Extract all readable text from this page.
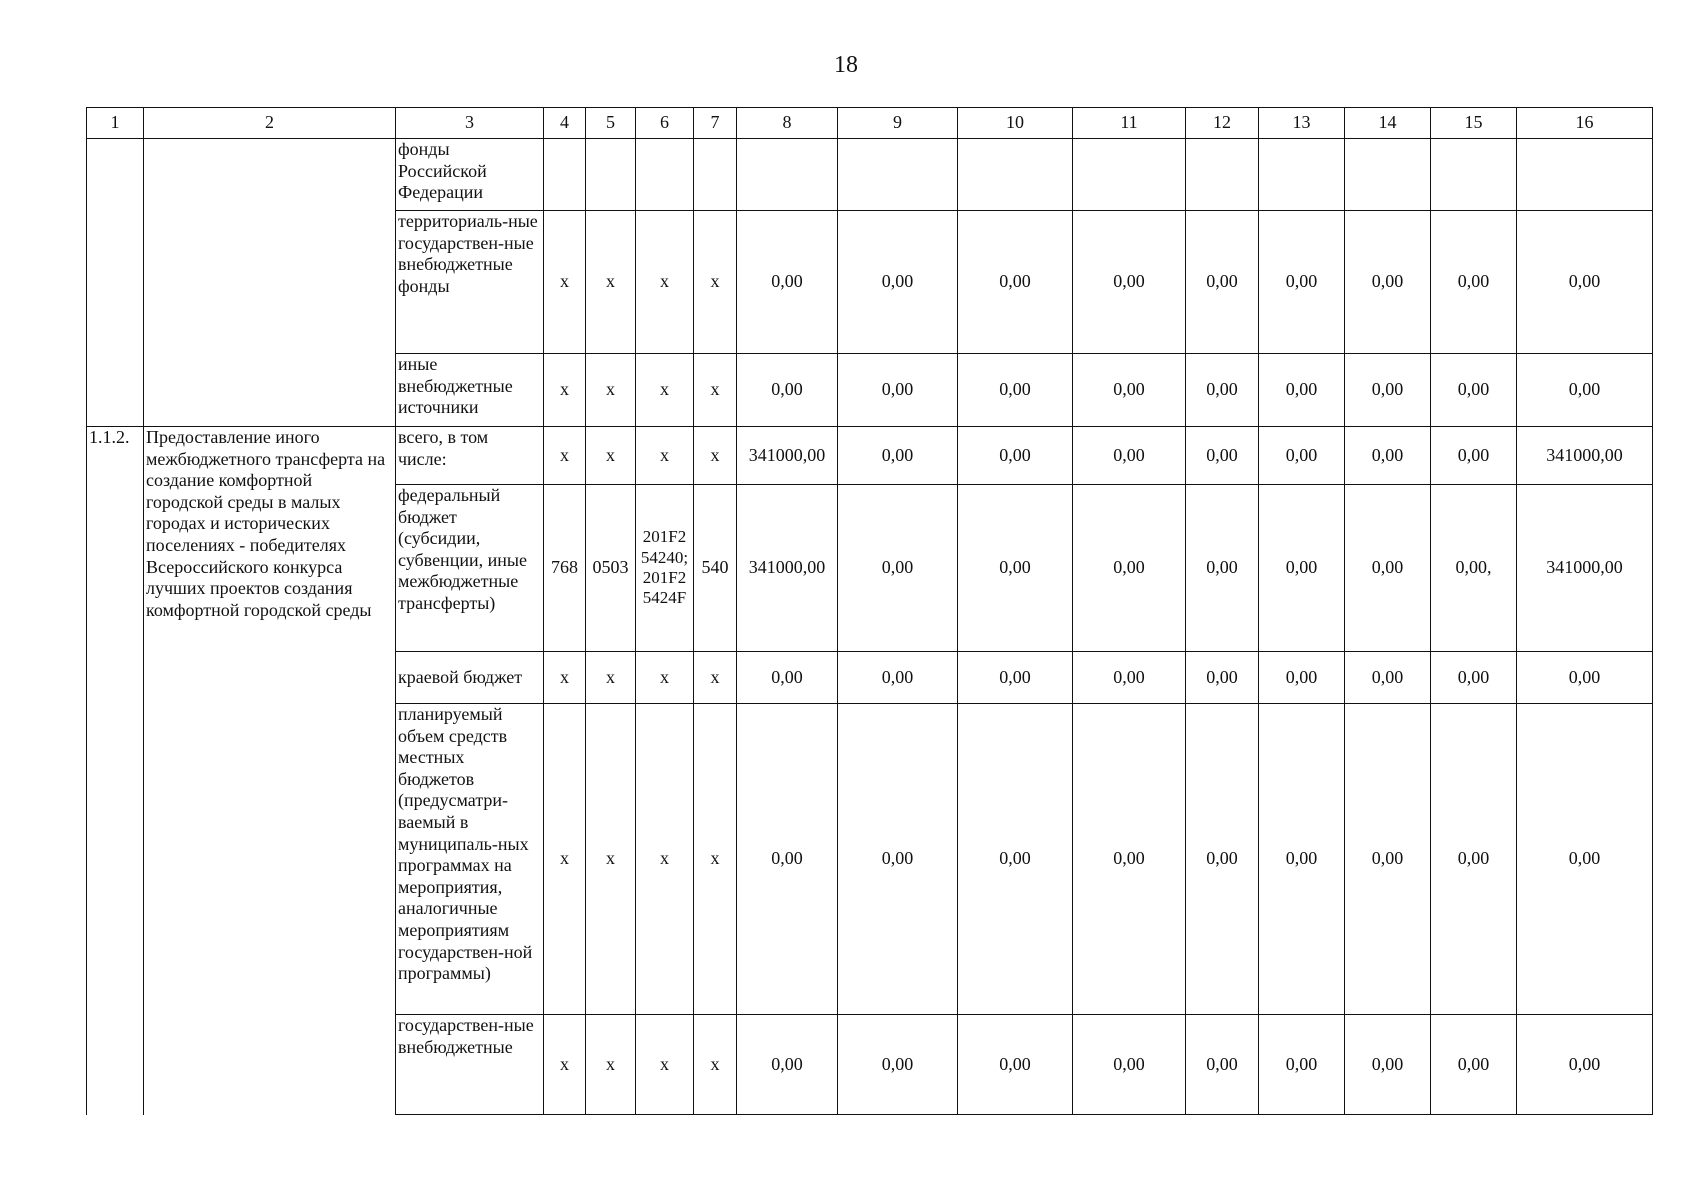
18
1	2	3	4	5	6	7	8	9	10	11	12	13	14	15	16
		фонды Российской Федерации													
		территориаль-ные государствен-ные внебюджетные фонды	x	x	x	x	0,00	0,00	0,00	0,00	0,00	0,00	0,00	0,00	0,00
		иные внебюджетные источники	x	x	x	x	0,00	0,00	0,00	0,00	0,00	0,00	0,00	0,00	0,00
1.1.2.	Предоставление иного межбюджетного трансферта на создание комфортной городской среды в малых городах и исторических поселениях - победителях Всероссийского конкурса лучших проектов создания комфортной городской среды	всего, в том числе:	x	x	x	x	341000,00	0,00	0,00	0,00	0,00	0,00	0,00	0,00	341000,00
		федеральный бюджет (субсидии, субвенции, иные межбюджетные трансферты)	768	0503	201F2 54240; 201F2 5424F	540	341000,00	0,00	0,00	0,00	0,00	0,00	0,00	0,00,	341000,00
		краевой бюджет	x	x	x	x	0,00	0,00	0,00	0,00	0,00	0,00	0,00	0,00	0,00
		планируемый объем средств местных бюджетов (предусматри-ваемый в муниципаль-ных программах на мероприятия, аналогичные мероприятиям государствен-ной программы)	x	x	x	x	0,00	0,00	0,00	0,00	0,00	0,00	0,00	0,00	0,00
		государствен-ные внебюджетные	x	x	x	x	0,00	0,00	0,00	0,00	0,00	0,00	0,00	0,00	0,00
